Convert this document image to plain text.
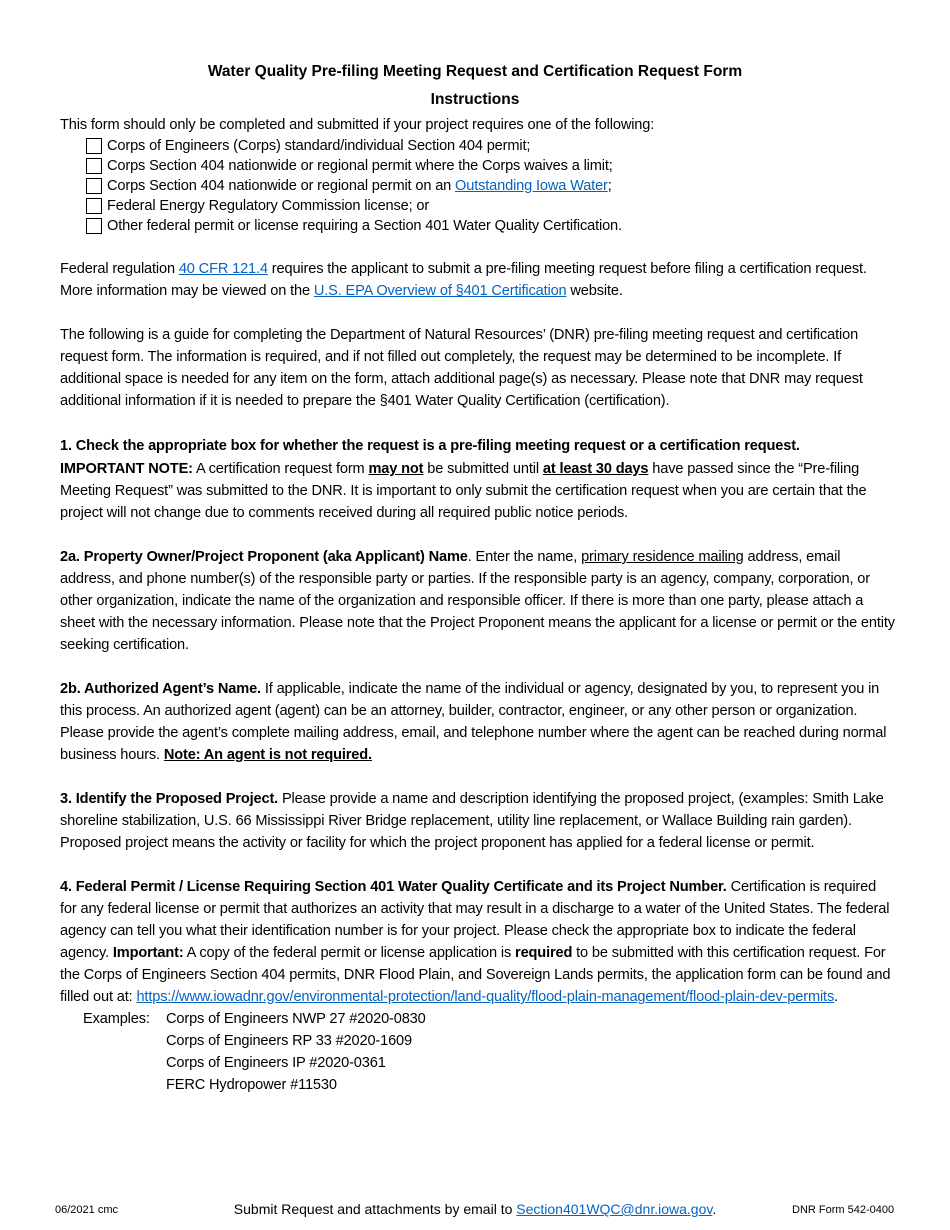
Water Quality Pre-filing Meeting Request and Certification Request Form
Instructions
This form should only be completed and submitted if your project requires one of the following:
Corps of Engineers (Corps) standard/individual Section 404 permit;
Corps Section 404 nationwide or regional permit where the Corps waives a limit;
Corps Section 404 nationwide or regional permit on an Outstanding Iowa Water;
Federal Energy Regulatory Commission license; or
Other federal permit or license requiring a Section 401 Water Quality Certification.
Federal regulation 40 CFR 121.4 requires the applicant to submit a pre-filing meeting request before filing a certification request. More information may be viewed on the U.S. EPA Overview of §401 Certification website.
The following is a guide for completing the Department of Natural Resources’ (DNR) pre-filing meeting request and certification request form. The information is required, and if not filled out completely, the request may be determined to be incomplete. If additional space is needed for any item on the form, attach additional page(s) as necessary. Please note that DNR may request additional information if it is needed to prepare the §401 Water Quality Certification (certification).
1. Check the appropriate box for whether the request is a pre-filing meeting request or a certification request.
IMPORTANT NOTE: A certification request form may not be submitted until at least 30 days have passed since the “Pre-filing Meeting Request” was submitted to the DNR. It is important to only submit the certification request when you are certain that the project will not change due to comments received during all required public notice periods.
2a. Property Owner/Project Proponent (aka Applicant) Name. Enter the name, primary residence mailing address, email address, and phone number(s) of the responsible party or parties. If the responsible party is an agency, company, corporation, or other organization, indicate the name of the organization and responsible officer. If there is more than one party, please attach a sheet with the necessary information. Please note that the Project Proponent means the applicant for a license or permit or the entity seeking certification.
2b. Authorized Agent’s Name. If applicable, indicate the name of the individual or agency, designated by you, to represent you in this process. An authorized agent (agent) can be an attorney, builder, contractor, engineer, or any other person or organization. Please provide the agent’s complete mailing address, email, and telephone number where the agent can be reached during normal business hours. Note: An agent is not required.
3. Identify the Proposed Project. Please provide a name and description identifying the proposed project, (examples: Smith Lake shoreline stabilization, U.S. 66 Mississippi River Bridge replacement, utility line replacement, or Wallace Building rain garden). Proposed project means the activity or facility for which the project proponent has applied for a federal license or permit.
4. Federal Permit / License Requiring Section 401 Water Quality Certificate and its Project Number. Certification is required for any federal license or permit that authorizes an activity that may result in a discharge to a water of the United States. The federal agency can tell you what their identification number is for your project. Please check the appropriate box to indicate the federal agency. Important: A copy of the federal permit or license application is required to be submitted with this certification request. For the Corps of Engineers Section 404 permits, DNR Flood Plain, and Sovereign Lands permits, the application form can be found and filled out at: https://www.iowadnr.gov/environmental-protection/land-quality/flood-plain-management/flood-plain-dev-permits.
Examples:	Corps of Engineers NWP 27 #2020-0830
Corps of Engineers RP 33 #2020-1609
Corps of Engineers IP #2020-0361
FERC Hydropower #11530
06/2021 cmc	Submit Request and attachments by email to Section401WQC@dnr.iowa.gov.	DNR Form 542-0400
